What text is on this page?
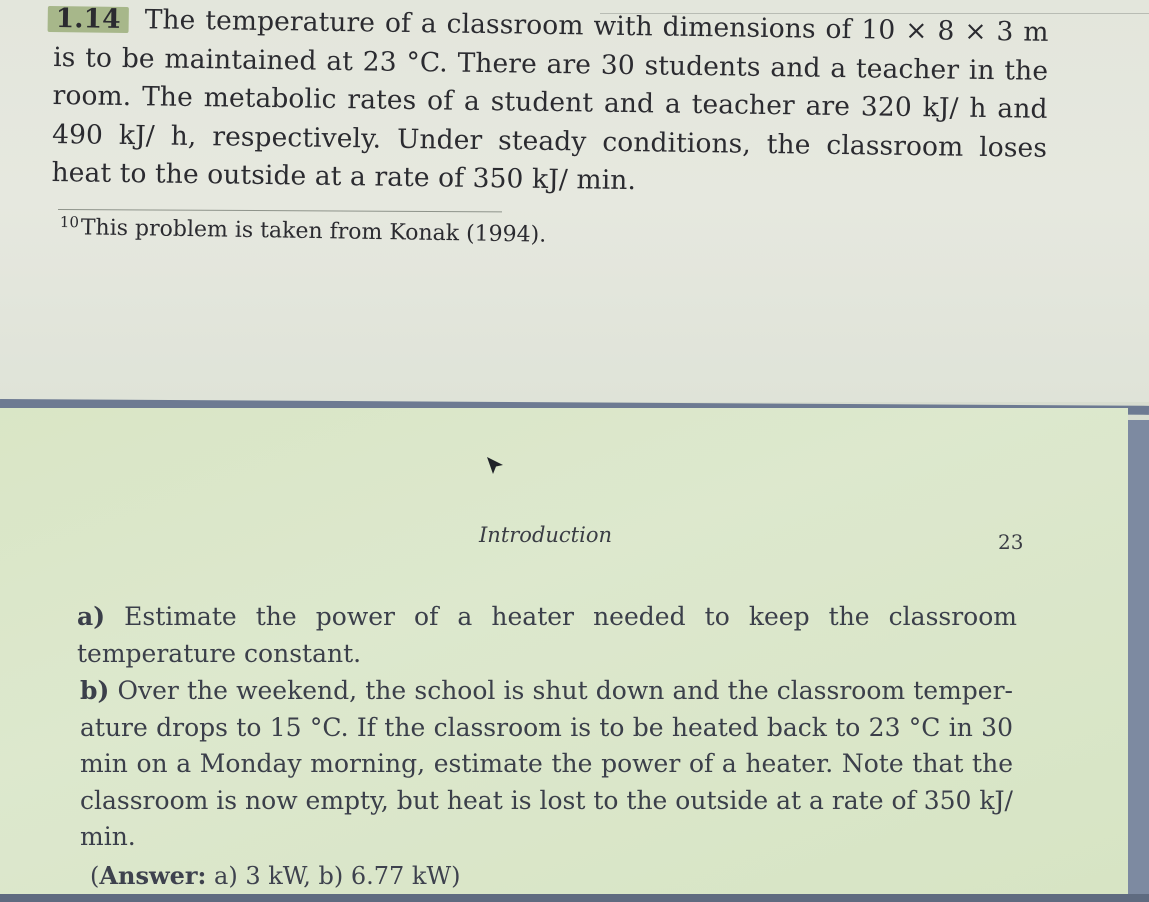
1.14 The temperature of a classroom with dimensions of 10 × 8 × 3 m is to be maintained at 23 °C. There are 30 students and a teacher in the room. The metabolic rates of a student and a teacher are 320 kJ/ h and 490 kJ/ h, respectively. Under steady conditions, the classroom loses heat to the outside at a rate of 350 kJ/ min.
$^{10}$This problem is taken from Konak (1994).
Introduction	23
a) Estimate the power of a heater needed to keep the classroom temperature constant.
b) Over the weekend, the school is shut down and the classroom temper- ature drops to 15 °C. If the classroom is to be heated back to 23 °C in 30 min on a Monday morning, estimate the power of a heater. Note that the classroom is now empty, but heat is lost to the outside at a rate of 350 kJ/ min.
(Answer: a) 3 kW, b) 6.77 kW)
